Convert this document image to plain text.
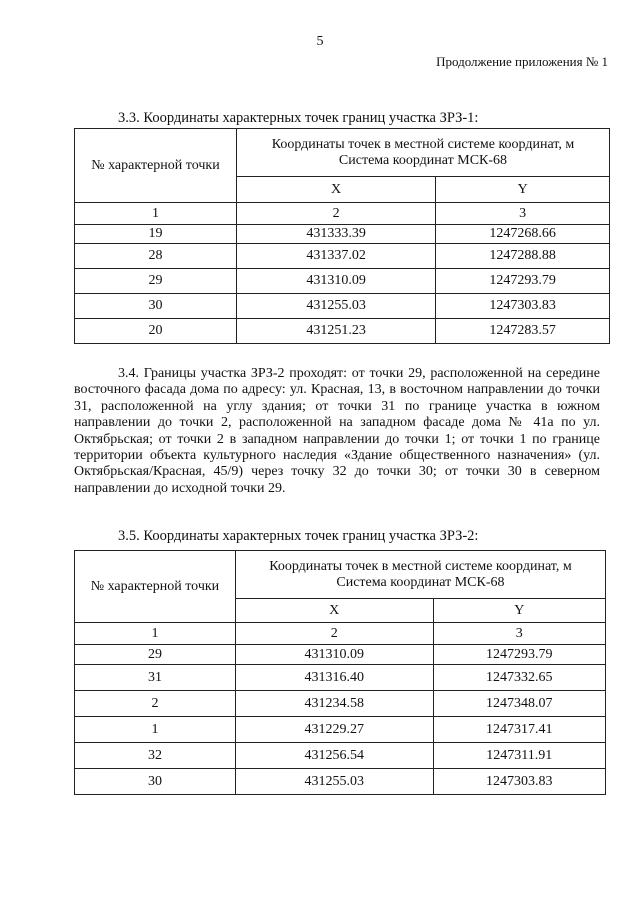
5
Продолжение приложения № 1
3.3. Координаты характерных точек границ участка ЗРЗ-1:
№ характерной точки	Координаты точек в местной системе координат, м
Система координат МСК-68	
	X	Y
1	2	3
19	431333.39	1247268.66
28	431337.02	1247288.88
29	431310.09	1247293.79
30	431255.03	1247303.83
20	431251.23	1247283.57
3.4. Границы участка ЗРЗ-2 проходят: от точки 29, расположенной на середине восточного фасада дома по адресу: ул. Красная, 13, в восточном направлении до точки 31, расположенной на углу здания; от точки 31 по границе участка в южном направлении до точки 2, расположенной на западном фасаде дома № 41а по ул. Октябрьская; от точки 2 в западном направлении до точки 1; от точки 1 по границе территории объекта культурного наследия «Здание общественного назначения» (ул. Октябрьская/Красная, 45/9) через точку 32 до точки 30; от точки 30 в северном направлении до исходной точки 29.
3.5. Координаты характерных точек границ участка ЗРЗ-2:
№ характерной точки	Координаты точек в местной системе координат, м
Система координат МСК-68	
	X	Y
1	2	3
29	431310.09	1247293.79
31	431316.40	1247332.65
2	431234.58	1247348.07
1	431229.27	1247317.41
32	431256.54	1247311.91
30	431255.03	1247303.83
